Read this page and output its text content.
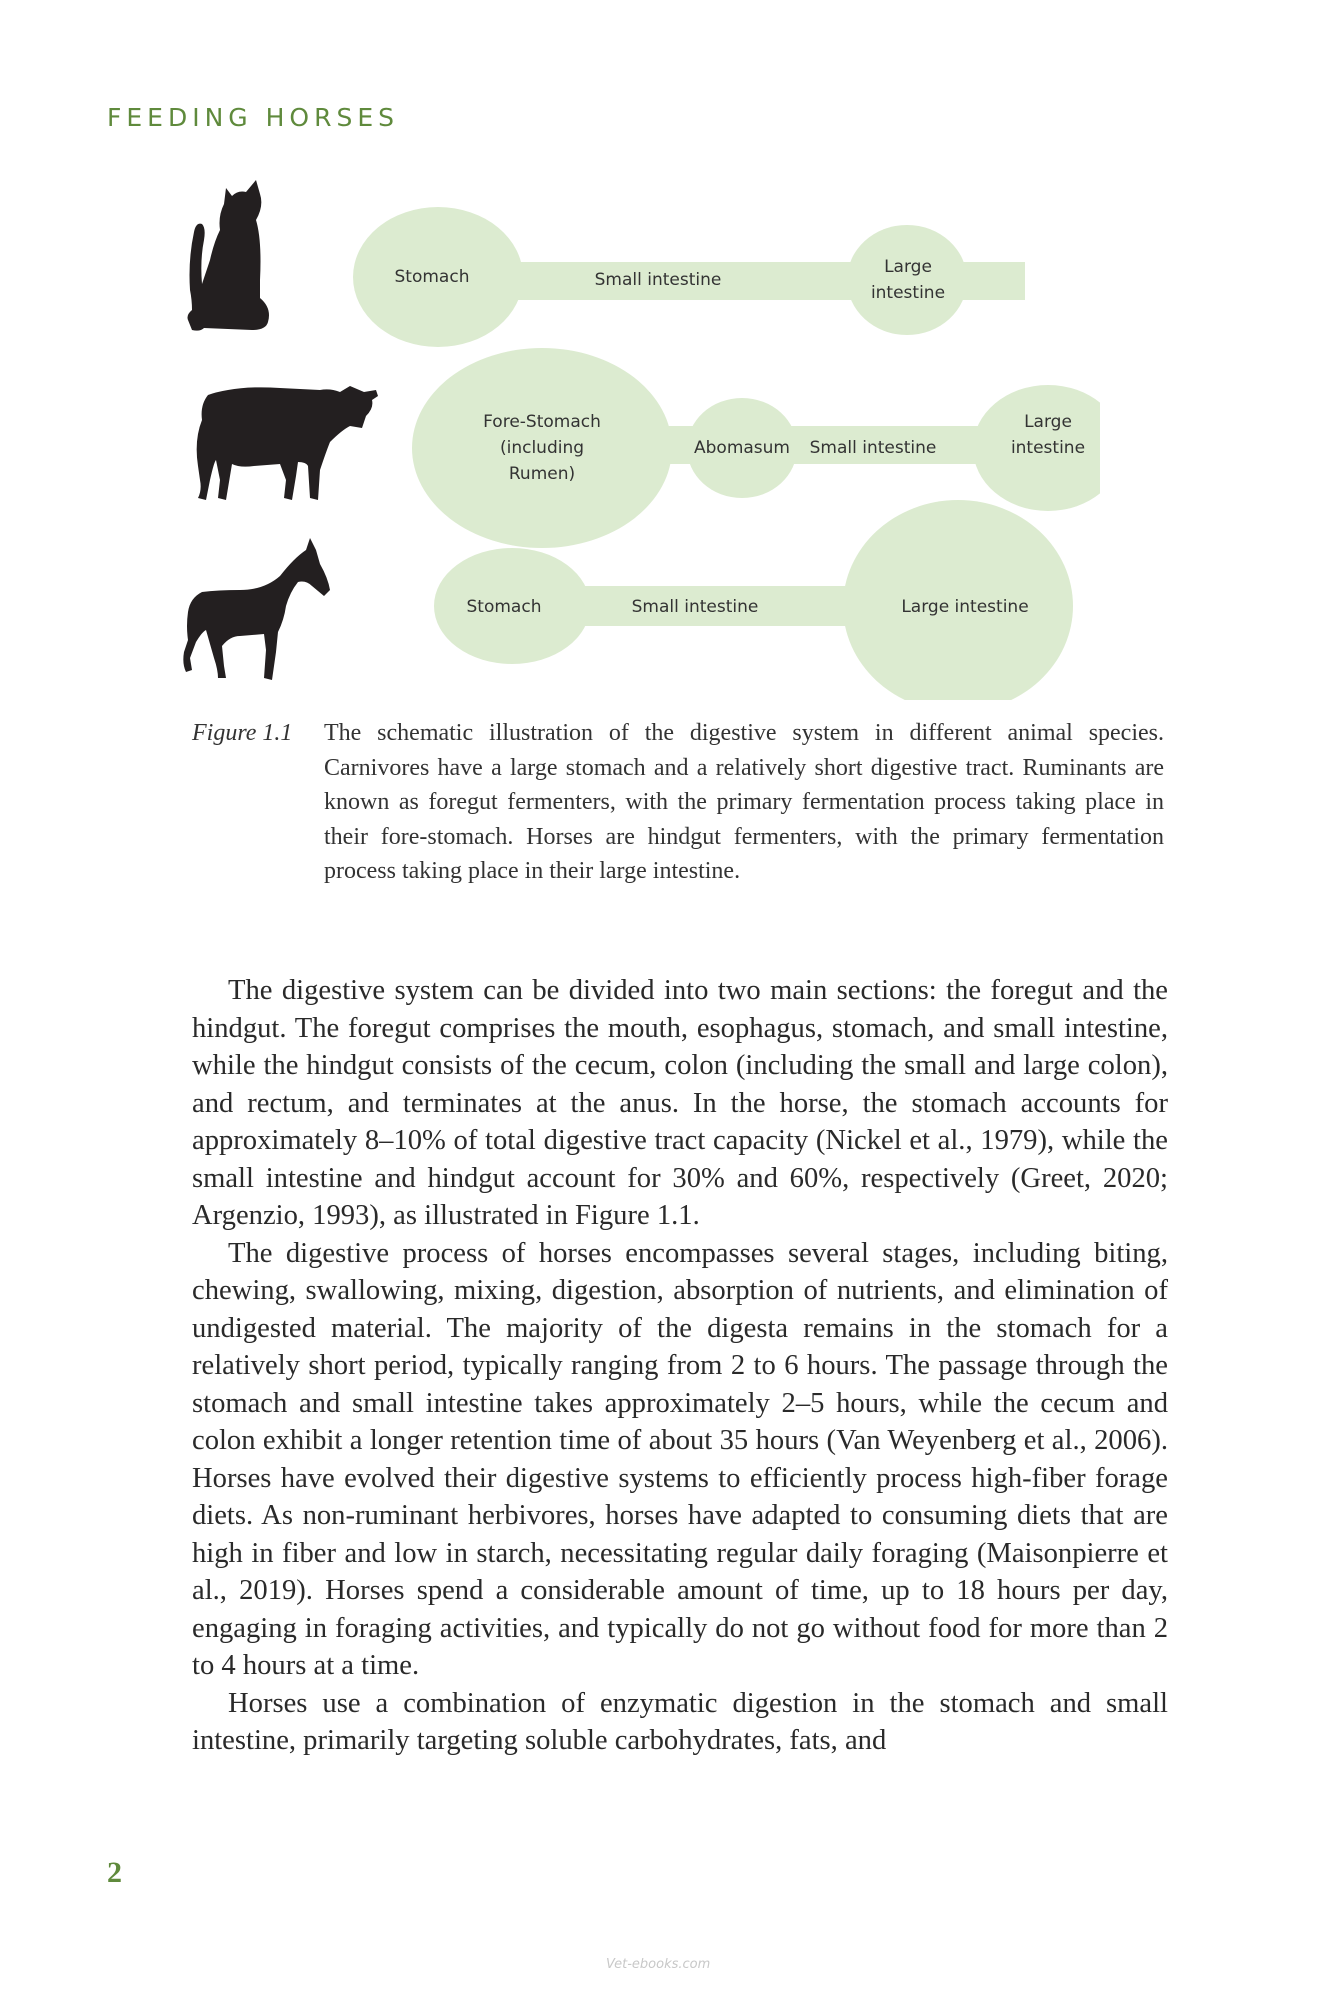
FEEDING HORSES
Stomach	Small intestine
Large
intestine
Fore-Stomach
(including
Rumen)
Abomasum Small intestine
Large
intestine
Stomach	Small intestine	Large intestine
Figure 1.1 The schematic illustration of the digestive system in different animal species. Carnivores have a large stomach and a relatively short digestive tract. Ruminants are known as foregut fermenters, with the primary fermentation process taking place in their fore-stomach. Horses are hindgut fermenters, with the primary fermentation process taking place in their large intestine.

The digestive system can be divided into two main sections: the foregut and the hindgut. The foregut comprises the mouth, esophagus, stomach, and small intestine, while the hindgut consists of the cecum, colon (including the small and large colon), and rectum, and terminates at the anus. In the horse, the stomach accounts for approximately 8–10% of total digestive tract capacity (Nickel et al., 1979), while the small intestine and hindgut account for 30% and 60%, respectively (Greet, 2020; Argenzio, 1993), as illustrated in Figure 1.1.

The digestive process of horses encompasses several stages, including biting, chewing, swallowing, mixing, digestion, absorption of nutrients, and elimination of undigested material. The majority of the digesta remains in the stomach for a relatively short period, typically ranging from 2 to 6 hours. The passage through the stomach and small intestine takes approximately 2–5 hours, while the cecum and colon exhibit a longer retention time of about 35 hours (Van Weyenberg et al., 2006). Horses have evolved their digestive systems to efficiently process high-fiber forage diets. As non-ruminant herbivores, horses have adapted to consuming diets that are high in fiber and low in starch, necessitating regular daily foraging (Maisonpierre et al., 2019). Horses spend a considerable amount of time, up to 18 hours per day, engaging in foraging activities, and typically do not go without food for more than 2 to 4 hours at a time.

Horses use a combination of enzymatic digestion in the stomach and small intestine, primarily targeting soluble carbohydrates, fats, and

2
Vet-ebooks.com
